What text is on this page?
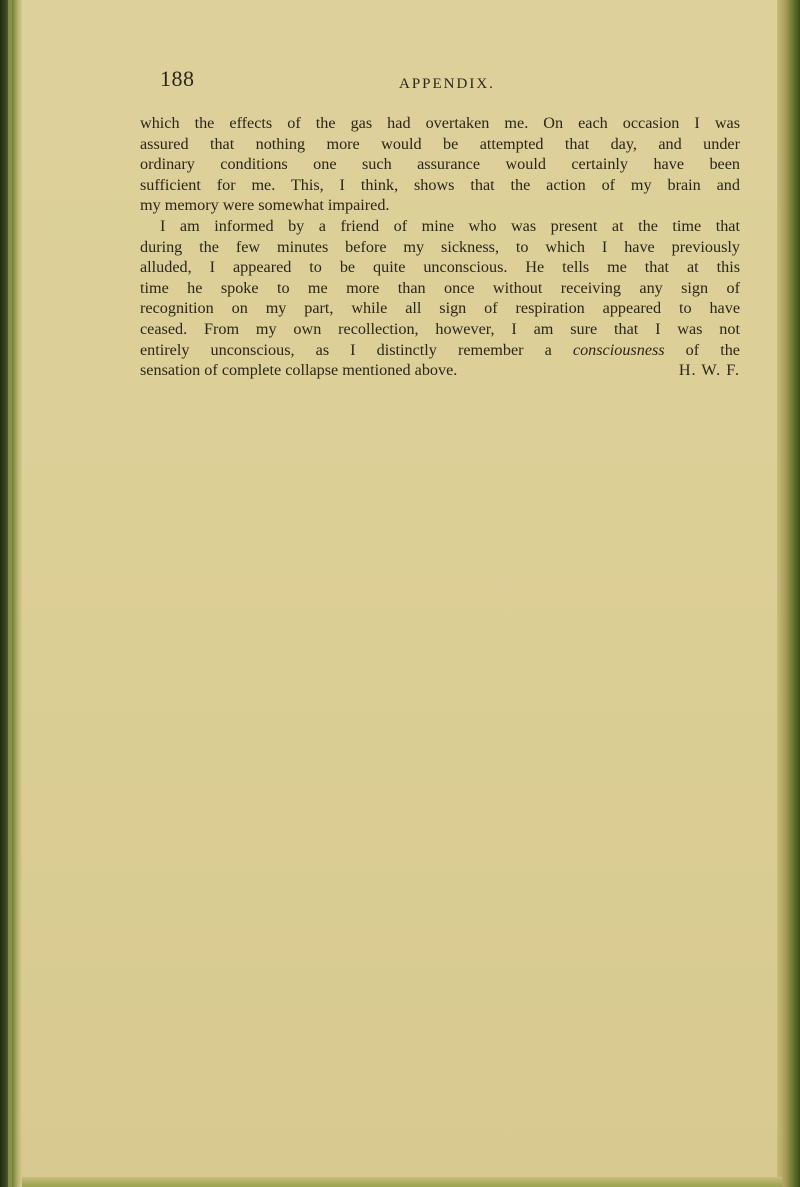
188	APPENDIX.
which the effects of the gas had overtaken me. On each occasion I was
assured that nothing more would be attempted that day, and under
ordinary conditions one such assurance would certainly have been
sufficient for me. This, I think, shows that the action of my brain and
my memory were somewhat impaired.
I am informed by a friend of mine who was present at the time that
during the few minutes before my sickness, to which I have previously
alluded, I appeared to be quite unconscious. He tells me that at this
time he spoke to me more than once without receiving any sign of
recognition on my part, while all sign of respiration appeared to have
ceased. From my own recollection, however, I am sure that I was not
entirely unconscious, as I distinctly remember a consciousness of the
sensation of complete collapse mentioned above.	H. W. F.
